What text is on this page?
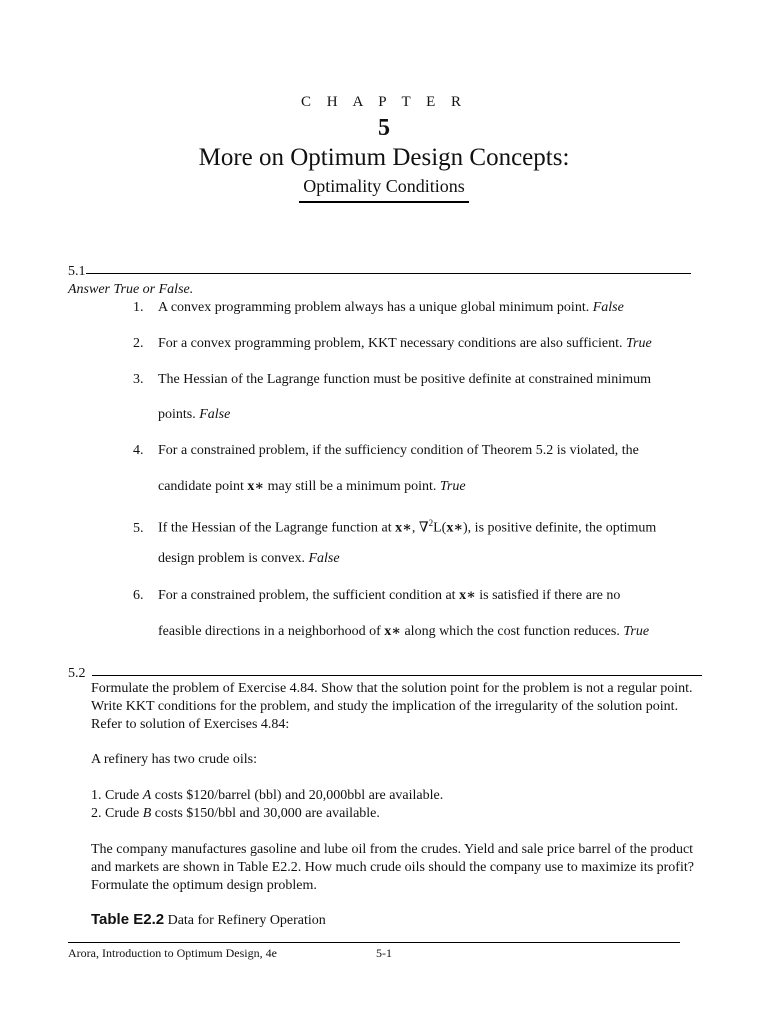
C H A P T E R
5
More on Optimum Design Concepts:
Optimality Conditions
5.1
Answer True or False.
1. A convex programming problem always has a unique global minimum point. False
2. For a convex programming problem, KKT necessary conditions are also sufficient. True
3. The Hessian of the Lagrange function must be positive definite at constrained minimum
points. False
4. For a constrained problem, if the sufficiency condition of Theorem 5.2 is violated, the
candidate point x∗ may still be a minimum point. True
5. If the Hessian of the Lagrange function at x∗, ∇$^2$L(x∗), is positive definite, the optimum
design problem is convex. False
6. For a constrained problem, the sufficient condition at x∗ is satisfied if there are no
feasible directions in a neighborhood of x∗ along which the cost function reduces. True
5.2
Formulate the problem of Exercise 4.84. Show that the solution point for the problem is not a regular point. Write KKT conditions for the problem, and study the implication of the irregularity of the solution point. Refer to solution of Exercises 4.84:
A refinery has two crude oils:
1. Crude A costs $120/barrel (bbl) and 20,000bbl are available.
2. Crude B costs $150/bbl and 30,000 are available.
The company manufactures gasoline and lube oil from the crudes. Yield and sale price barrel of the product and markets are shown in Table E2.2. How much crude oils should the company use to maximize its profit? Formulate the optimum design problem.
Table E2.2 Data for Refinery Operation
Arora, Introduction to Optimum Design, 4e	5-1
